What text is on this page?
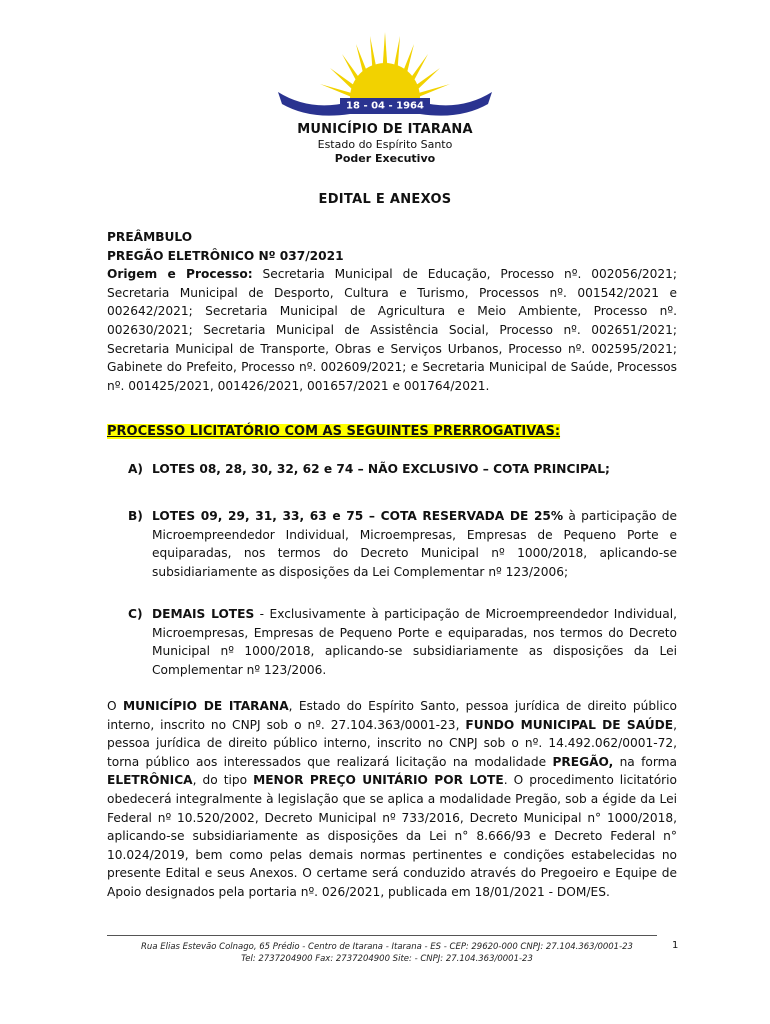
18 - 04 - 1964
MUNICÍPIO DE ITARANA
Estado do Espírito Santo
Poder Executivo
EDITAL E ANEXOS
PREÂMBULO
PREGÃO ELETRÔNICO Nº 037/2021
Origem e Processo: Secretaria Municipal de Educação, Processo nº. 002056/2021; Secretaria Municipal de Desporto, Cultura e Turismo, Processos nº. 001542/2021 e 002642/2021; Secretaria Municipal de Agricultura e Meio Ambiente, Processo nº. 002630/2021; Secretaria Municipal de Assistência Social, Processo nº. 002651/2021; Secretaria Municipal de Transporte, Obras e Serviços Urbanos, Processo nº. 002595/2021; Gabinete do Prefeito, Processo nº. 002609/2021; e Secretaria Municipal de Saúde, Processos nº. 001425/2021, 001426/2021, 001657/2021 e 001764/2021.
PROCESSO LICITATÓRIO COM AS SEGUINTES PRERROGATIVAS:
A) LOTES 08, 28, 30, 32, 62 e 74 – NÃO EXCLUSIVO – COTA PRINCIPAL;
B) LOTES 09, 29, 31, 33, 63 e 75 – COTA RESERVADA DE 25% à participação de Microempreendedor Individual, Microempresas, Empresas de Pequeno Porte e equiparadas, nos termos do Decreto Municipal nº 1000/2018, aplicando-se subsidiariamente as disposições da Lei Complementar nº 123/2006;
C) DEMAIS LOTES - Exclusivamente à participação de Microempreendedor Individual, Microempresas, Empresas de Pequeno Porte e equiparadas, nos termos do Decreto Municipal nº 1000/2018, aplicando-se subsidiariamente as disposições da Lei Complementar nº 123/2006.
O MUNICÍPIO DE ITARANA, Estado do Espírito Santo, pessoa jurídica de direito público interno, inscrito no CNPJ sob o nº. 27.104.363/0001-23, FUNDO MUNICIPAL DE SAÚDE, pessoa jurídica de direito público interno, inscrito no CNPJ sob o nº. 14.492.062/0001-72, torna público aos interessados que realizará licitação na modalidade PREGÃO, na forma ELETRÔNICA, do tipo MENOR PREÇO UNITÁRIO POR LOTE. O procedimento licitatório obedecerá integralmente à legislação que se aplica a modalidade Pregão, sob a égide da Lei Federal nº 10.520/2002, Decreto Municipal nº 733/2016, Decreto Municipal n° 1000/2018, aplicando-se subsidiariamente as disposições da Lei n° 8.666/93 e Decreto Federal n° 10.024/2019, bem como pelas demais normas pertinentes e condições estabelecidas no presente Edital e seus Anexos. O certame será conduzido através do Pregoeiro e Equipe de Apoio designados pela portaria nº. 026/2021, publicada em 18/01/2021 - DOM/ES.
Rua Elias Estevão Colnago, 65 Prédio - Centro de Itarana - Itarana - ES - CEP: 29620-000 CNPJ: 27.104.363/0001-23
Tel: 2737204900 Fax: 2737204900 Site: - CNPJ: 27.104.363/0001-23
1
